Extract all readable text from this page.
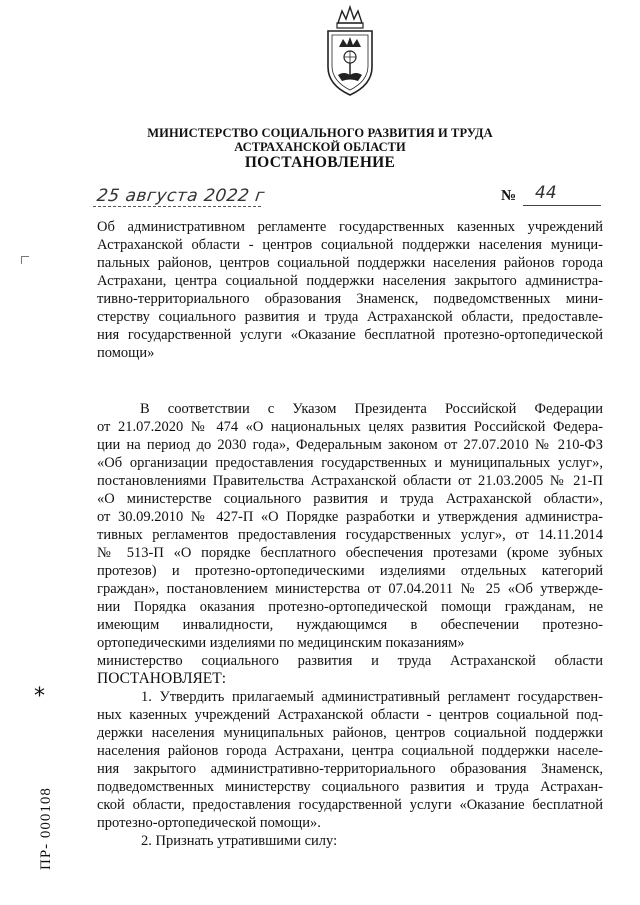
МИНИСТЕРСТВО СОЦИАЛЬНОГО РАЗВИТИЯ И ТРУДА
АСТРАХАНСКОЙ ОБЛАСТИ
ПОСТАНОВЛЕНИЕ
25 августа 2022 г	№ 44
Об административном регламенте государственных казенных учреждений
Астраханской области - центров социальной поддержки населения муници-
пальных районов, центров социальной поддержки населения районов города
Астрахани, центра социальной поддержки населения закрытого администра-
тивно-территориального образования Знаменск, подведомственных мини-
стерству социального развития и труда Астраханской области, предоставле-
ния государственной услуги «Оказание бесплатной протезно-ортопедической
помощи»
В соответствии с Указом Президента Российской Федерации
от 21.07.2020 № 474 «О национальных целях развития Российской Федера-
ции на период до 2030 года», Федеральным законом от 27.07.2010 № 210-ФЗ
«Об организации предоставления государственных и муниципальных услуг»,
постановлениями Правительства Астраханской области от 21.03.2005 № 21-П
«О министерстве социального развития и труда Астраханской области»,
от 30.09.2010 № 427-П «О Порядке разработки и утверждения администра-
тивных регламентов предоставления государственных услуг», от 14.11.2014
№ 513-П «О порядке бесплатного обеспечения протезами (кроме зубных
протезов) и протезно-ортопедическими изделиями отдельных категорий
граждан», постановлением министерства от 07.04.2011 № 25 «Об утвержде-
нии Порядка оказания протезно-ортопедической помощи гражданам, не
имеющим инвалидности, нуждающимся в обеспечении протезно-
ортопедическими изделиями по медицинским показаниям»
министерство социального развития и труда Астраханской области
ПОСТАНОВЛЯЕТ:
1. Утвердить прилагаемый административный регламент государствен-
ных казенных учреждений Астраханской области - центров социальной под-
держки населения муниципальных районов, центров социальной поддержки
населения районов города Астрахани, центра социальной поддержки населе-
ния закрытого административно-территориального образования Знаменск,
подведомственных министерству социального развития и труда Астрахан-
ской области, предоставления государственной услуги «Оказание бесплатной
протезно-ортопедической помощи».
2. Признать утратившими силу:
*
ПР- 000108
